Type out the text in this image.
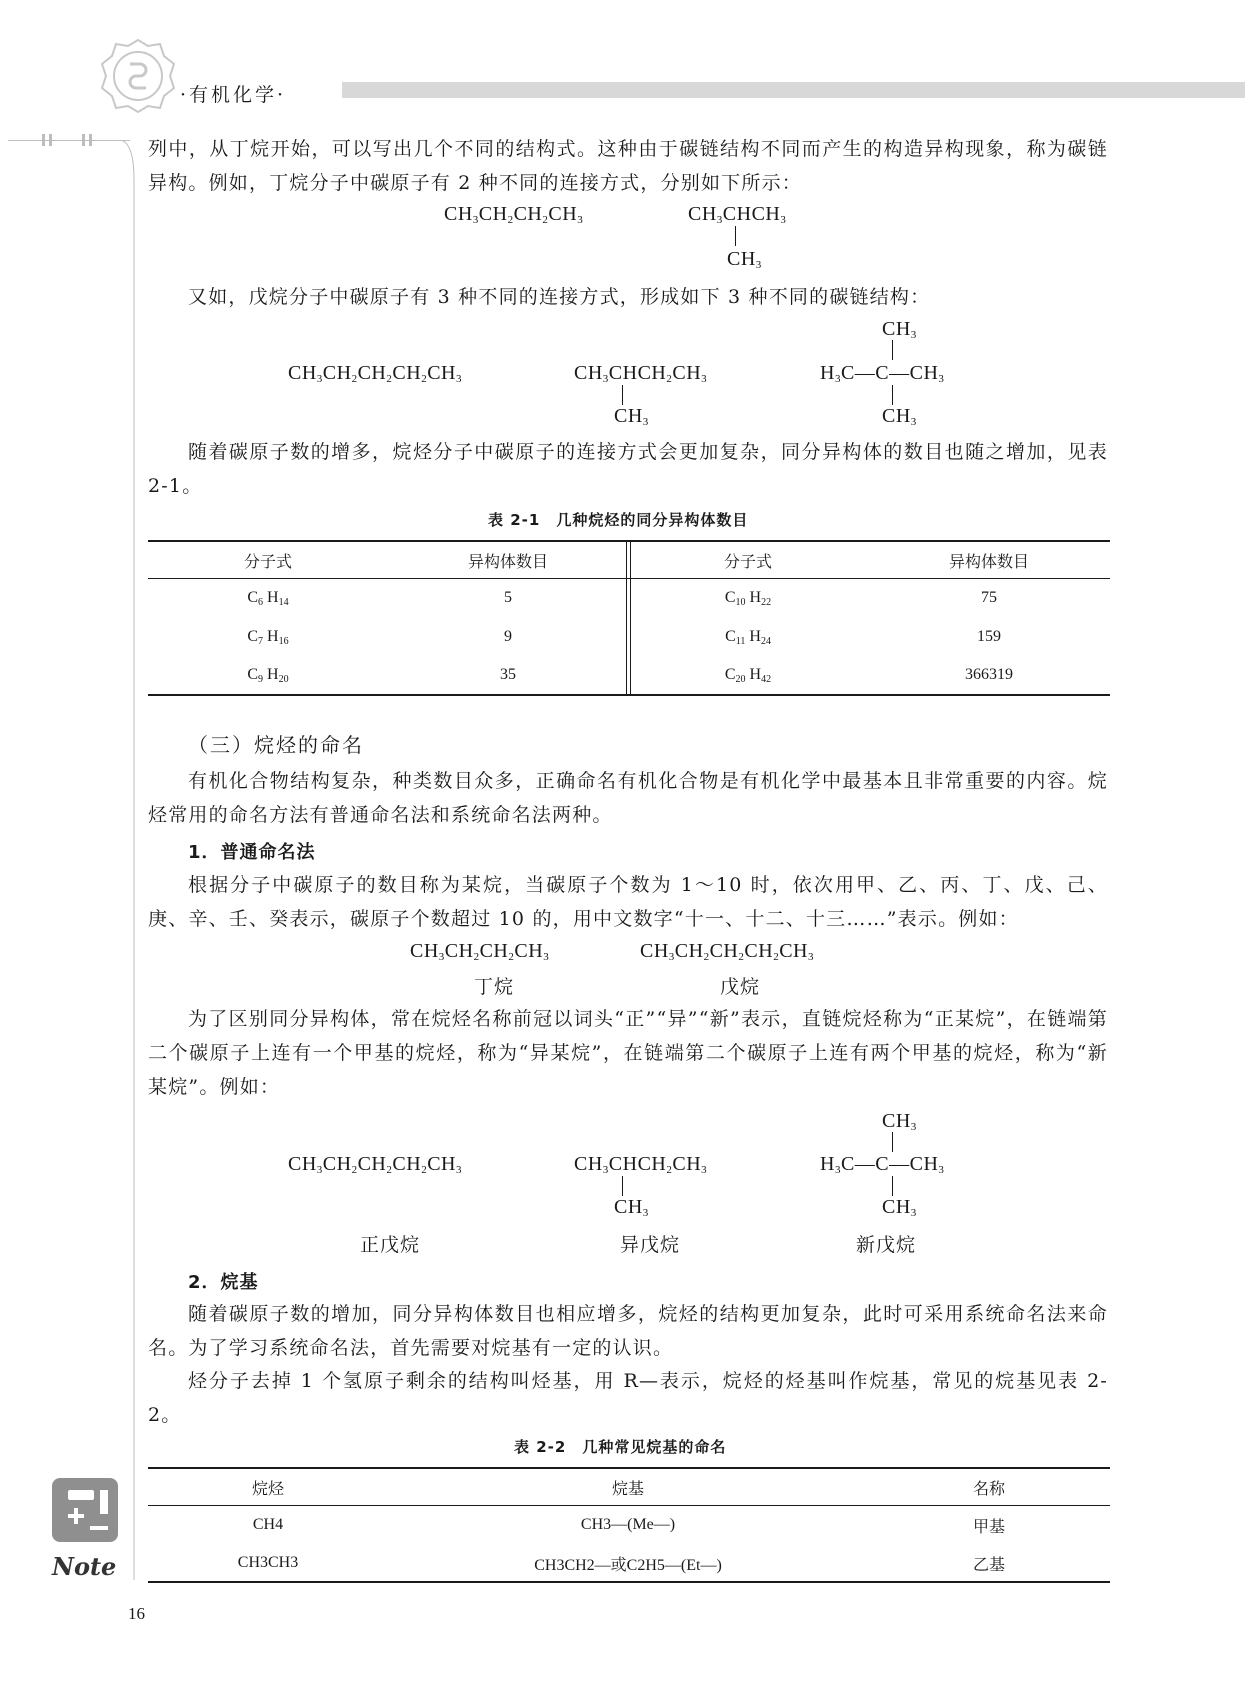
·有机化学·
Note
列中，从丁烷开始，可以写出几个不同的结构式。这种由于碳链结构不同而产生的构造异构现象，称为碳链异构。例如，丁烷分子中碳原子有 2 种不同的连接方式，分别如下所示：
$CH_3CH_2CH_2CH_3$	$CH_3CHCH_3$
$CH_3$
又如，戊烷分子中碳原子有 3 种不同的连接方式，形成如下 3 种不同的碳链结构：
$CH_3CH_2CH_2CH_2CH_3$	$CH_3CHCH_2CH_3$
$CH_3$
$CH_3$
$H_3C—C—CH_3$
$CH_3$
随着碳原子数的增多，烷烃分子中碳原子的连接方式会更加复杂，同分异构体的数目也随之增加，见表 2-1。
表 2-1　几种烷烃的同分异构体数目
分子式	异构体数目	分子式	异构体数目
$C_6$ $H_{14}$	5	$C_{10}$ $H_{22}$	75
$C_7$ $H_{16}$	9	$C_{11}$ $H_{24}$	159
$C_9$ $H_{20}$	35	$C_{20}$ $H_{42}$	366319
（三）烷烃的命名
有机化合物结构复杂，种类数目众多，正确命名有机化合物是有机化学中最基本且非常重要的内容。烷烃常用的命名方法有普通命名法和系统命名法两种。
1．普通命名法
根据分子中碳原子的数目称为某烷，当碳原子个数为 1～10 时，依次用甲、乙、丙、丁、戊、己、庚、辛、壬、癸表示，碳原子个数超过 10 的，用中文数字“十一、十二、十三……”表示。例如：
$CH_3CH_2CH_2CH_3$	$CH_3CH_2CH_2CH_2CH_3$
丁烷	戊烷
为了区别同分异构体，常在烷烃名称前冠以词头“正”“异”“新”表示，直链烷烃称为“正某烷”，在链端第二个碳原子上连有一个甲基的烷烃，称为“异某烷”，在链端第二个碳原子上连有两个甲基的烷烃，称为“新某烷”。例如：
$CH_3$
$CH_3CH_2CH_2CH_2CH_3$	$CH_3CHCH_2CH_3$
$CH_3$
$H_3C—C—CH_3$
$CH_3$
正戊烷	异戊烷	新戊烷
2．烷基
随着碳原子数的增加，同分异构体数目也相应增多，烷烃的结构更加复杂，此时可采用系统命名法来命名。为了学习系统命名法，首先需要对烷基有一定的认识。
烃分子去掉 1 个氢原子剩余的结构叫烃基，用 R—表示，烷烃的烃基叫作烷基，常见的烷基见表 2-2。
表 2-2　几种常见烷基的命名
烷烃	烷基	名称
CH4	CH3—(Me—)	甲基
CH3CH3	CH3CH2—或C2H5—(Et—)	乙基
16
